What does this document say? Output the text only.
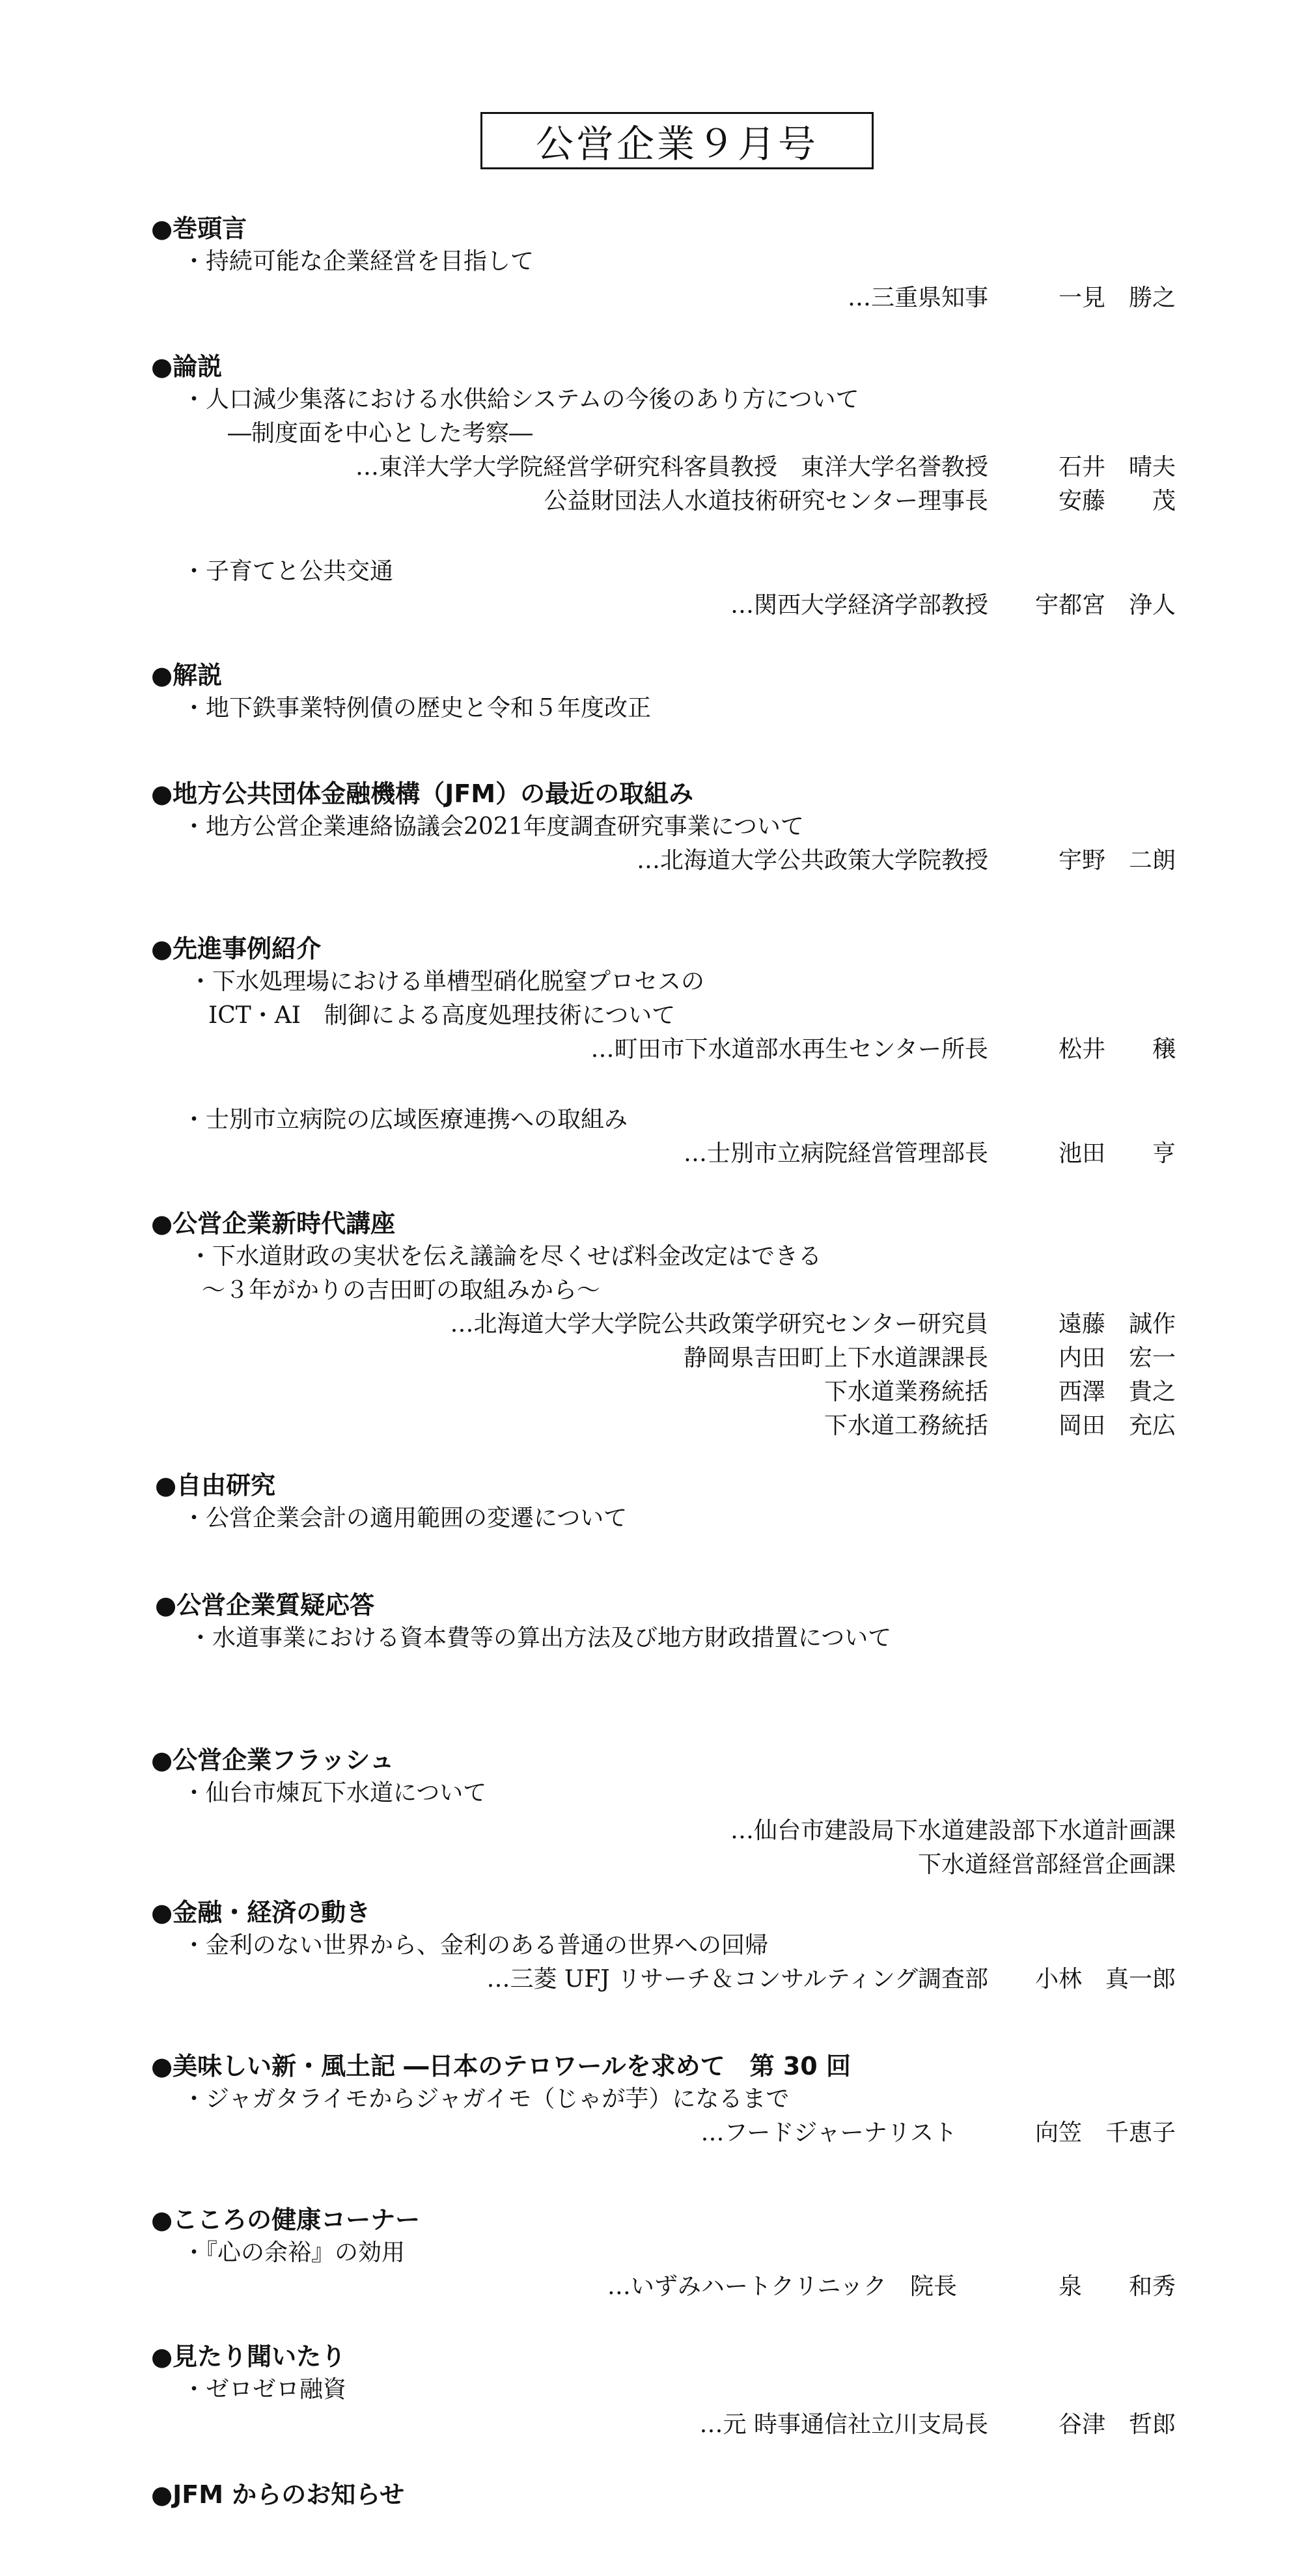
公営企業９月号
●巻頭言
・持続可能な企業経営を目指して
…三重県知事	一見　勝之
●論説
・人口減少集落における水供給システムの今後のあり方について
―制度面を中心とした考察―
…東洋大学大学院経営学研究科客員教授　東洋大学名誉教授	石井　晴夫
公益財団法人水道技術研究センター理事長	安藤　　茂
・子育てと公共交通
…関西大学経済学部教授 宇都宮　浄人
●解説
・地下鉄事業特例債の歴史と令和５年度改正
●地方公共団体金融機構（JFM）の最近の取組み
・地方公営企業連絡協議会2021年度調査研究事業について
…北海道大学公共政策大学院教授	宇野　二朗
●先進事例紹介
・下水処理場における単槽型硝化脱窒プロセスの
ICT・AI　制御による高度処理技術について
…町田市下水道部水再生センター所長	松井　　穣
・士別市立病院の広域医療連携への取組み
…士別市立病院経営管理部長	池田　　亨
●公営企業新時代講座
・下水道財政の実状を伝え議論を尽くせば料金改定はできる
～３年がかりの吉田町の取組みから～
…北海道大学大学院公共政策学研究センター研究員	遠藤　誠作
静岡県吉田町上下水道課課長	内田　宏一
下水道業務統括	西澤　貴之
下水道工務統括	岡田　充広
●自由研究
・公営企業会計の適用範囲の変遷について
●公営企業質疑応答
・水道事業における資本費等の算出方法及び地方財政措置について
●公営企業フラッシュ
・仙台市煉瓦下水道について
…仙台市建設局下水道建設部下水道計画課
下水道経営部経営企画課
●金融・経済の動き
・金利のない世界から、金利のある普通の世界への回帰
…三菱 UFJ リサーチ＆コンサルティング調査部 小林　真一郎
●美味しい新・風土記 ―日本のテロワールを求めて　第 30 回
・ジャガタライモからジャガイモ（じゃが芋）になるまで
…フードジャーナリスト	向笠　千恵子
●こころの健康コーナー
・『心の余裕』の効用
…いずみハートクリニック　院長	泉　　和秀
●見たり聞いたり
・ゼロゼロ融資
…元 時事通信社立川支局長	谷津　哲郎
●JFM からのお知らせ
